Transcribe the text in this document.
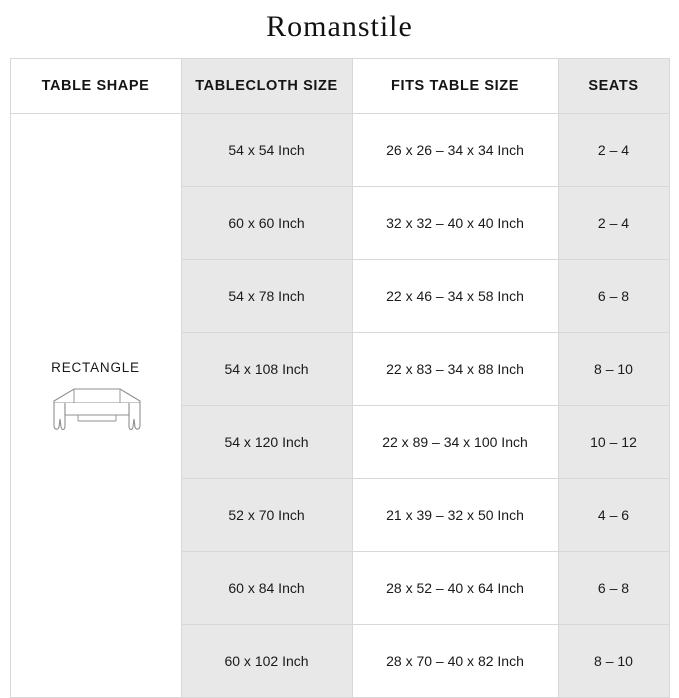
Romanstile
TABLE SHAPE	TABLECLOTH SIZE	FITS TABLE SIZE	SEATS

RECTANGLE	54 x 54 Inch	26 x 26 – 34 x 34 Inch	2 – 4
	60 x 60 Inch	32 x 32 – 40 x 40 Inch	2 – 4
	54 x 78 Inch	22 x 46 – 34 x 58 Inch	6 – 8
	54 x 108 Inch	22 x 83 – 34 x 88 Inch	8 – 10
	54 x 120 Inch	22 x 89 – 34 x 100 Inch	10 – 12
	52 x 70 Inch	21 x 39 – 32 x 50 Inch	4 – 6
	60 x 84 Inch	28 x 52 – 40 x 64 Inch	6 – 8
	60 x 102 Inch	28 x 70 – 40 x 82 Inch	8 – 10
